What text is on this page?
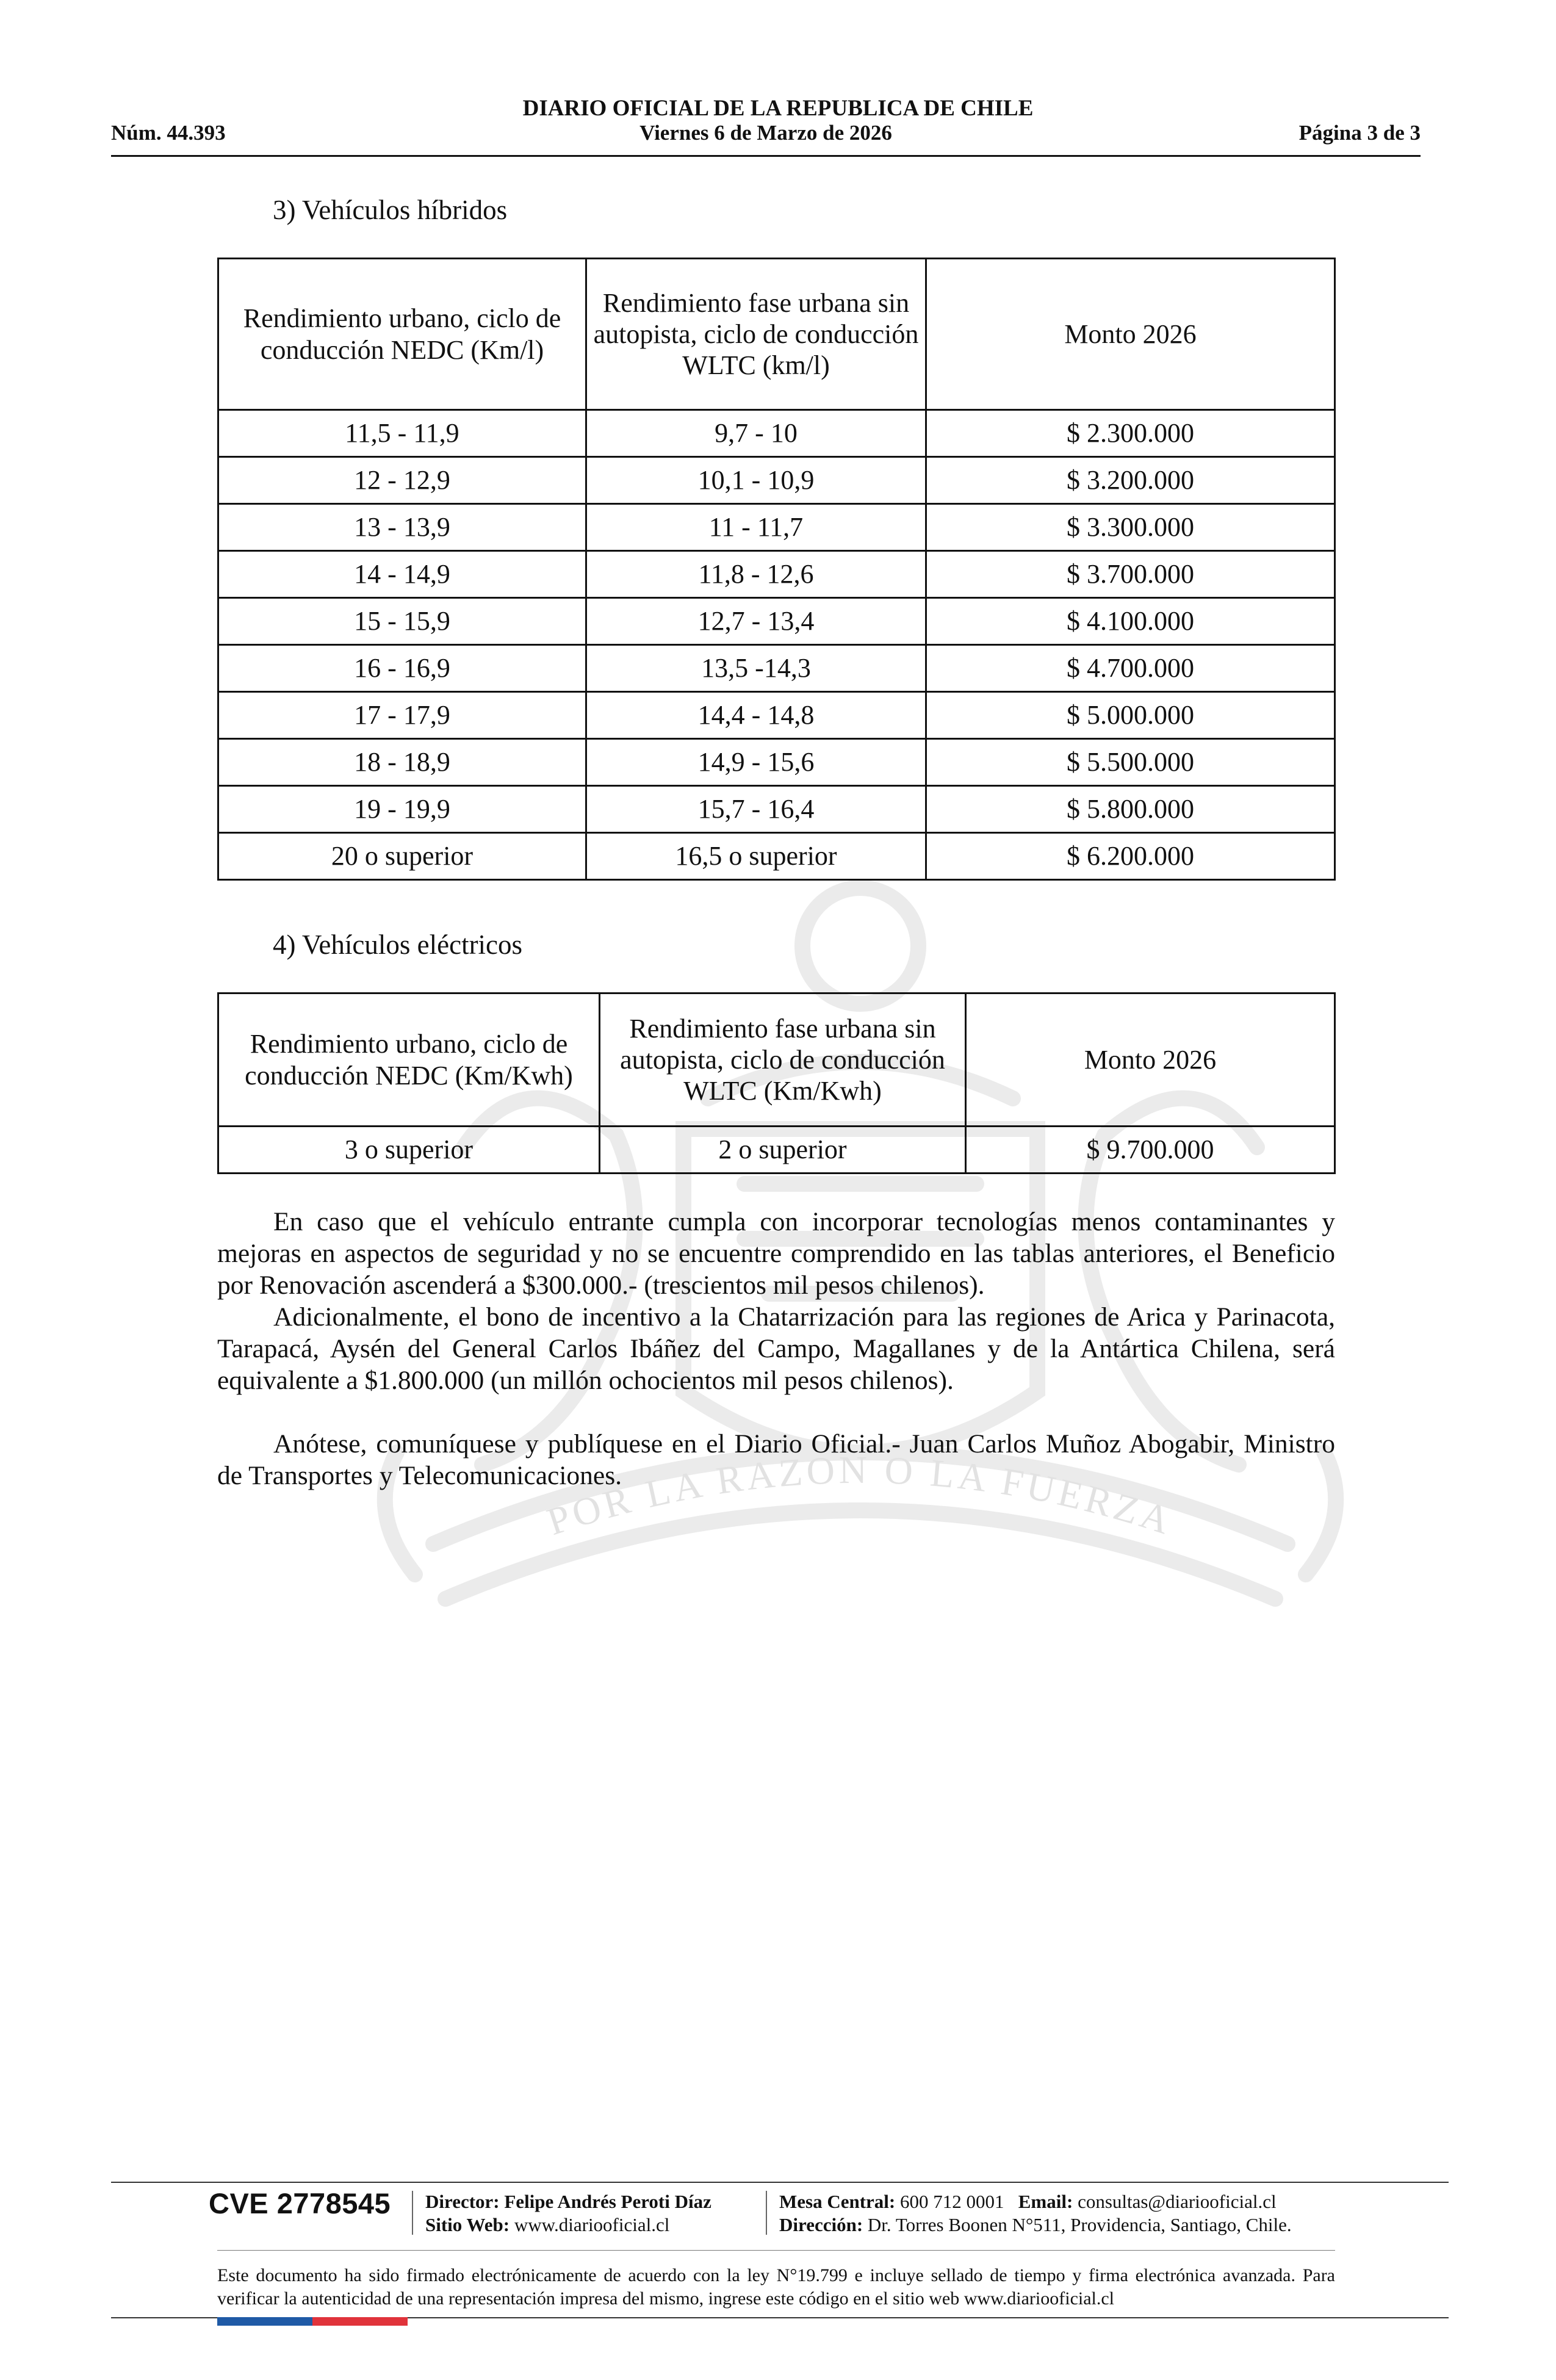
POR LA RAZON O LA FUERZA
DIARIO OFICIAL DE LA REPUBLICA DE CHILE
Núm. 44.393	Viernes 6 de Marzo de 2026	Página 3 de 3
3) Vehículos híbridos
Rendimiento urbano, ciclo de conducción NEDC (Km/l)	Rendimiento fase urbana sin autopista, ciclo de conducción WLTC (km/l)	Monto 2026
11,5 - 11,9	9,7 - 10	$ 2.300.000
12 - 12,9	10,1 - 10,9	$ 3.200.000
13 - 13,9	11 - 11,7	$ 3.300.000
14 - 14,9	11,8 - 12,6	$ 3.700.000
15 - 15,9	12,7 - 13,4	$ 4.100.000
16 - 16,9	13,5 -14,3	$ 4.700.000
17 - 17,9	14,4 - 14,8	$ 5.000.000
18 - 18,9	14,9 - 15,6	$ 5.500.000
19 - 19,9	15,7 - 16,4	$ 5.800.000
20 o superior	16,5 o superior	$ 6.200.000
4) Vehículos eléctricos
Rendimiento urbano, ciclo de conducción NEDC (Km/Kwh)	Rendimiento fase urbana sin autopista, ciclo de conducción WLTC (Km/Kwh)	Monto 2026
3 o superior	2 o superior	$ 9.700.000

En caso que el vehículo entrante cumpla con incorporar tecnologías menos contaminantes y mejoras en aspectos de seguridad y no se encuentre comprendido en las tablas anteriores, el Beneficio por Renovación ascenderá a $300.000.- (trescientos mil pesos chilenos).

Adicionalmente, el bono de incentivo a la Chatarrización para las regiones de Arica y Parinacota, Tarapacá, Aysén del General Carlos Ibáñez del Campo, Magallanes y de la Antártica Chilena, será equivalente a $1.800.000 (un millón ochocientos mil pesos chilenos).

Anótese, comuníquese y publíquese en el Diario Oficial.- Juan Carlos Muñoz Abogabir, Ministro de Transportes y Telecomunicaciones.

CVE 2778545 Director: Felipe Andrés Peroti Díaz
Sitio Web: www.diariooficial.cl
Mesa Central: 600 712 0001 Email: consultas@diariooficial.cl
Dirección: Dr. Torres Boonen N°511, Providencia, Santiago, Chile.
Este documento ha sido firmado electrónicamente de acuerdo con la ley N°19.799 e incluye sellado de tiempo y firma electrónica avanzada. Para verificar la autenticidad de una representación impresa del mismo, ingrese este código en el sitio web www.diariooficial.cl
